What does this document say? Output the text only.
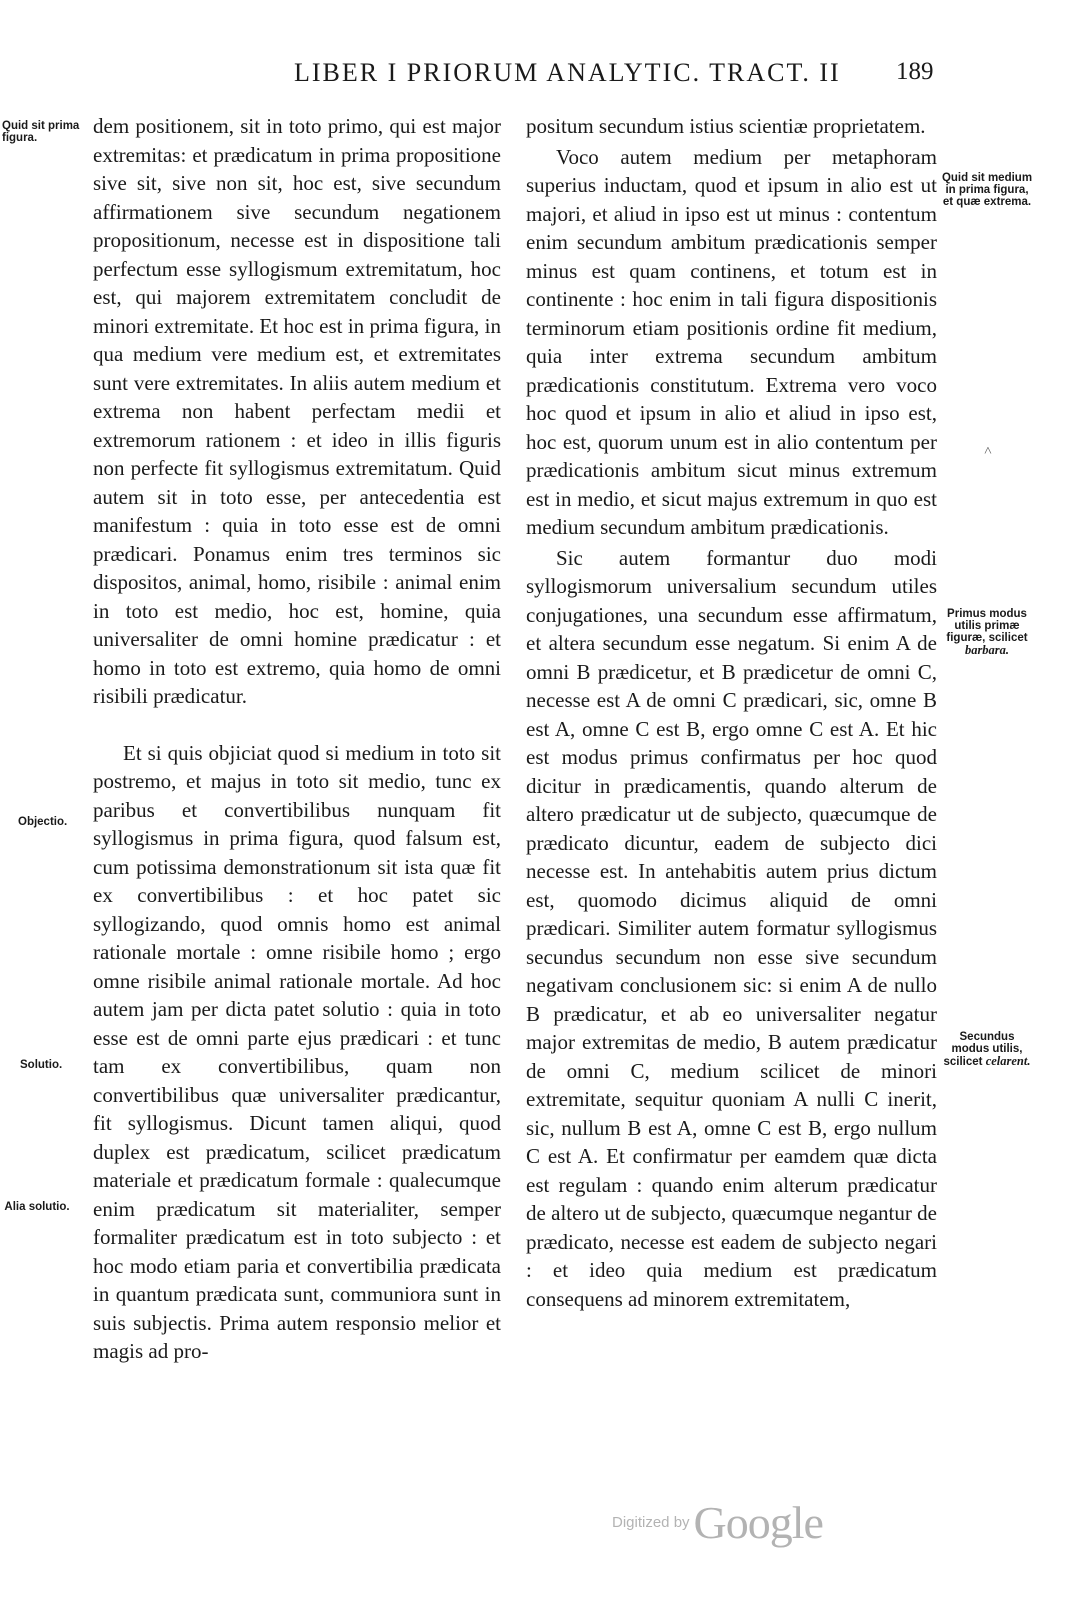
LIBER I PRIORUM ANALYTIC. TRACT. II 189
Quid sit prima figura.
Objectio.
Solutio.
Alia solutio.
Quid sit medium in prima figura, et quæ extrema.
Primus modus utilis primæ figuræ, scilicet barbara.
Secundus modus utilis, scilicet celarent.
˄

dem positionem, sit in toto primo, qui est major extremitas: et prædicatum in prima propositione sive sit, sive non sit, hoc est, sive secundum affirmationem sive secundum negationem propositionum, necesse est in dispositione tali perfectum esse syllogismum extremitatum, hoc est, qui majorem extremitatem concludit de minori extremitate. Et hoc est in prima figura, in qua medium vere medium est, et extremitates sunt vere extremitates. In aliis autem medium et extrema non habent perfectam medii et extremorum rationem : et ideo in illis figuris non perfecte fit syllogismus extremitatum. Quid autem sit in toto esse, per antecedentia est manifestum : quia in toto esse est de omni prædicari. Ponamus enim tres terminos sic dispositos, animal, homo, risibile : animal enim in toto est medio, hoc est, homine, quia universaliter de omni homine prædicatur : et homo in toto est extremo, quia homo de omni risibili prædicatur.

Et si quis objiciat quod si medium in toto sit postremo, et majus in toto sit medio, tunc ex paribus et convertibilibus nunquam fit syllogismus in prima figura, quod falsum est, cum potissima demonstrationum sit ista quæ fit ex convertibilibus : et hoc patet sic syllogizando, quod omnis homo est animal rationale mortale : omne risibile homo ; ergo omne risibile animal rationale mortale. Ad hoc autem jam per dicta patet solutio : quia in toto esse est de omni parte ejus prædicari : et tunc tam ex convertibilibus, quam non convertibilibus quæ universaliter prædicantur, fit syllogismus. Dicunt tamen aliqui, quod duplex est prædicatum, scilicet prædicatum materiale et prædicatum formale : qualecumque enim prædicatum sit materialiter, semper formaliter prædicatum est in toto subjecto : et hoc modo etiam paria et convertibilia prædicata in quantum prædicata sunt, communiora sunt in suis subjectis. Prima autem responsio melior et magis ad pro-

positum secundum istius scientiæ proprietatem.

Voco autem medium per metaphoram superius inductam, quod et ipsum in alio est ut majori, et aliud in ipso est ut minus : contentum enim secundum ambitum prædicationis semper minus est quam continens, et totum est in continente : hoc enim in tali figura dispositionis terminorum etiam positionis ordine fit medium, quia inter extrema secundum ambitum prædicationis constitutum. Extrema vero voco hoc quod et ipsum in alio et aliud in ipso est, hoc est, quorum unum est in alio contentum per prædicationis ambitum sicut minus extremum est in medio, et sicut majus extremum in quo est medium secundum ambitum prædicationis.

Sic autem formantur duo modi syllogismorum universalium secundum utiles conjugationes, una secundum esse affirmatum, et altera secundum esse negatum. Si enim A de omni B prædicetur, et B prædicetur de omni C, necesse est A de omni C prædicari, sic, omne B est A, omne C est B, ergo omne C est A. Et hic est modus primus confirmatus per hoc quod dicitur in prædicamentis, quando alterum de altero prædicatur ut de subjecto, quæcumque de prædicato dicuntur, eadem de subjecto dici necesse est. In antehabitis autem prius dictum est, quomodo dicimus aliquid de omni prædicari. Similiter autem formatur syllogismus secundus secundum non esse sive secundum negativam conclusionem sic: si enim A de nullo B prædicatur, et ab eo universaliter negatur major extremitas de medio, B autem prædicatur de omni C, medium scilicet de minori extremitate, sequitur quoniam A nulli C inerit, sic, nullum B est A, omne C est B, ergo nullum C est A. Et confirmatur per eamdem quæ dicta est regulam : quando enim alterum prædicatur de altero ut de subjecto, quæcumque negantur de prædicato, necesse est eadem de subjecto negari : et ideo quia medium est prædicatum consequens ad minorem extremitatem,

Digitized by Google
